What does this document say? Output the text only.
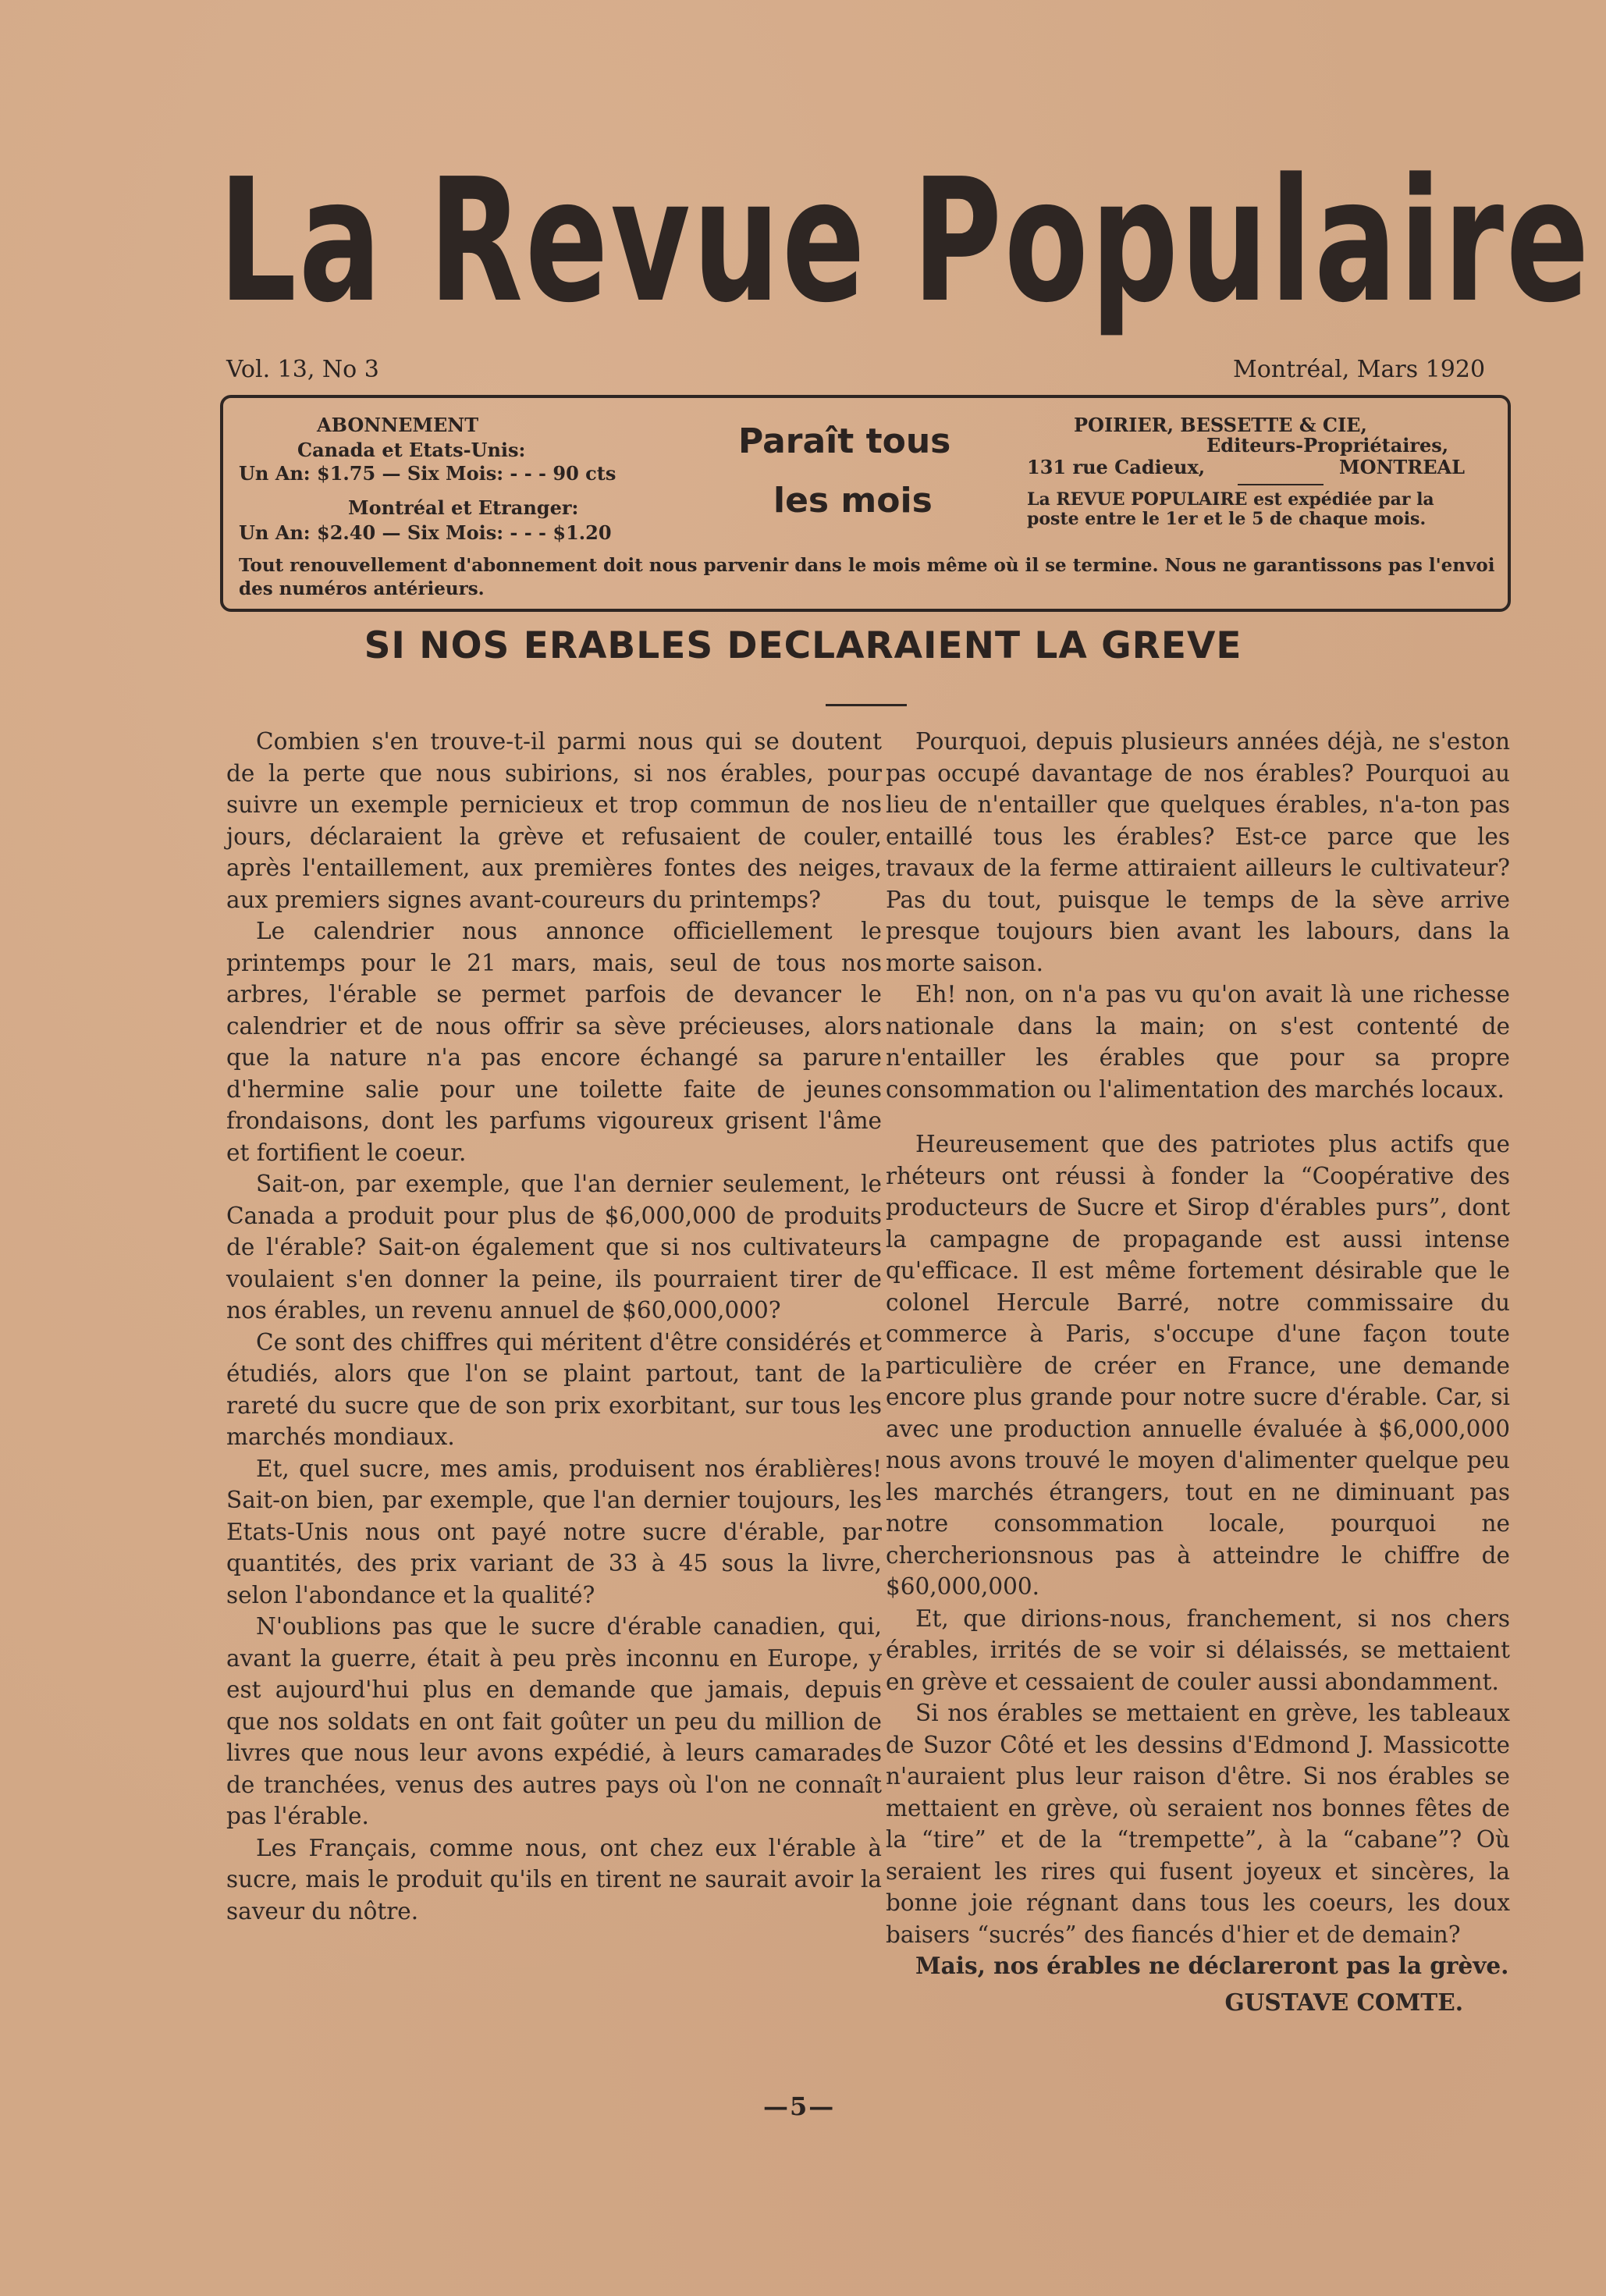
La Revue Populaire
Vol. 13, No 3	Montréal, Mars 1920
ABONNEMENT
Canada et Etats-Unis:
Un An: $1.75 — Six Mois: - - - 90 cts
Montréal et Etranger:
Un An: $2.40 — Six Mois: - - - $1.20
Paraît tous
les mois
POIRIER, BESSETTE & CIE,
Editeurs-Propriétaires,
131 rue Cadieux,	MONTREAL
La REVUE POPULAIRE est expédiée par la poste entre le 1er et le 5 de chaque mois.
Tout renouvellement d'abonnement doit nous parvenir dans le mois même où il se termine. Nous ne garantissons pas l'envoi des numéros antérieurs.
SI NOS ERABLES DECLARAIENT LA GREVE

Combien s'en trouve-t-il parmi nous qui se doutent de la perte que nous subirions, si nos érables, pour suivre un exemple pernicieux et trop commun de nos jours, déclaraient la grève et refusaient de couler, après l'entaillement, aux premières fontes des neiges, aux premiers signes avant-coureurs du printemps?

Le calendrier nous annonce officiellement le printemps pour le 21 mars, mais, seul de tous nos arbres, l'érable se permet parfois de devancer le calendrier et de nous offrir sa sève précieuses, alors que la nature n'a pas encore échangé sa parure d'hermine salie pour une toilette faite de jeunes frondaisons, dont les parfums vigoureux grisent l'âme et fortifient le coeur.

Sait-on, par exemple, que l'an dernier seulement, le Canada a produit pour plus de $6,000,000 de produits de l'érable? Sait-on également que si nos cultivateurs voulaient s'en donner la peine, ils pourraient tirer de nos érables, un revenu annuel de $60,000,000?

Ce sont des chiffres qui méritent d'être considérés et étudiés, alors que l'on se plaint partout, tant de la rareté du sucre que de son prix exorbitant, sur tous les marchés mondiaux.

Et, quel sucre, mes amis, produisent nos érablières! Sait-on bien, par exemple, que l'an dernier toujours, les Etats-Unis nous ont payé notre sucre d'érable, par quantités, des prix variant de 33 à 45 sous la livre, selon l'abondance et la qualité?

N'oublions pas que le sucre d'érable canadien, qui, avant la guerre, était à peu près inconnu en Europe, y est aujourd'hui plus en demande que jamais, depuis que nos soldats en ont fait goûter un peu du million de livres que nous leur avons expédié, à leurs camarades de tranchées, venus des autres pays où l'on ne connaît pas l'érable.

Les Français, comme nous, ont chez eux l'érable à sucre, mais le produit qu'ils en tirent ne saurait avoir la saveur du nôtre.

Pourquoi, depuis plusieurs années déjà, ne s'eston pas occupé davantage de nos érables? Pourquoi au lieu de n'entailler que quelques érables, n'a-ton pas entaillé tous les érables? Est-ce parce que les travaux de la ferme attiraient ailleurs le cultivateur? Pas du tout, puisque le temps de la sève arrive presque toujours bien avant les labours, dans la morte saison.

Eh! non, on n'a pas vu qu'on avait là une richesse nationale dans la main; on s'est contenté de n'entailler les érables que pour sa propre consommation ou l'alimentation des marchés locaux.

Heureusement que des patriotes plus actifs que rhéteurs ont réussi à fonder la “Coopérative des producteurs de Sucre et Sirop d'érables purs”, dont la campagne de propagande est aussi intense qu'efficace. Il est même fortement désirable que le colonel Hercule Barré, notre commissaire du commerce à Paris, s'occupe d'une façon toute particulière de créer en France, une demande encore plus grande pour notre sucre d'érable. Car, si avec une production annuelle évaluée à $6,000,000 nous avons trouvé le moyen d'alimenter quelque peu les marchés étrangers, tout en ne diminuant pas notre consommation locale, pourquoi ne chercherionsnous pas à atteindre le chiffre de $60,000,000.

Et, que dirions-nous, franchement, si nos chers érables, irrités de se voir si délaissés, se mettaient en grève et cessaient de couler aussi abondamment.

Si nos érables se mettaient en grève, les tableaux de Suzor Côté et les dessins d'Edmond J. Massicotte n'auraient plus leur raison d'être. Si nos érables se mettaient en grève, où seraient nos bonnes fêtes de la “tire” et de la “trempette”, à la “cabane”? Où seraient les rires qui fusent joyeux et sincères, la bonne joie régnant dans tous les coeurs, les doux baisers “sucrés” des fiancés d'hier et de demain?

Mais, nos érables ne déclareront pas la grève.

GUSTAVE COMTE.

—5—
